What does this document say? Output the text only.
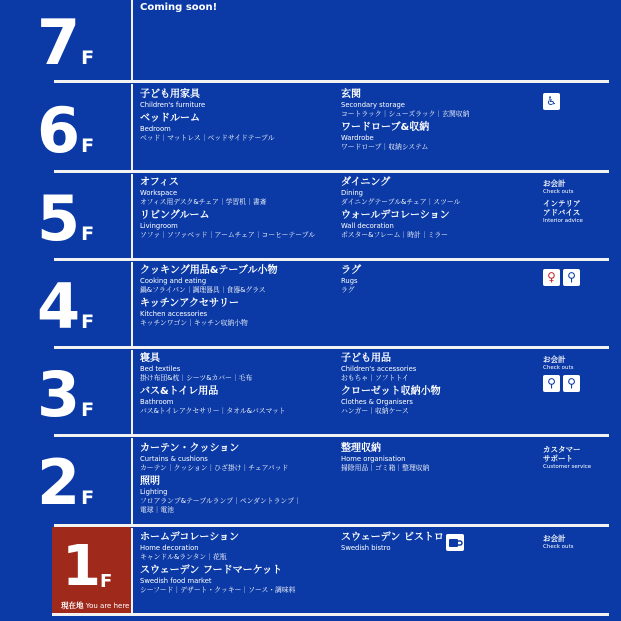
7 F
Coming soon!
6 F
子ども用家具
Children's furniture
ベッドルーム
Bedroom
ベッド｜マットレス｜ベッドサイドテーブル
玄関
Secondary storage
コートラック｜シューズラック｜玄関収納
ワードローブ&収納
Wardrobe
ワードローブ｜収納システム
♿
5 F
オフィス
Workspace
オフィス用デスク&チェア｜学習机｜書斎
リビングルーム
Livingroom
ソファ｜ソファベッド｜アームチェア｜コーヒーテーブル
ダイニング
Dining
ダイニングテーブル&チェア｜スツール
ウォールデコレーション
Wall decoration
ポスター&フレーム｜時計｜ミラー
お会計
Check outs
インテリア
アドバイス
Interior advice
4 F
クッキング用品&テーブル小物
Cooking and eating
鍋&フライパン｜調理器具｜食器&グラス
キッチンアクセサリー
Kitchen accessories
キッチンワゴン｜キッチン収納小物
ラグ
Rugs
ラグ
♀ ⚲
3 F
寝具
Bed textiles
掛け布団&枕｜シーツ&カバー｜毛布
バス&トイレ用品
Bathroom
バス&トイレアクセサリー｜タオル&バスマット
子ども用品
Children's accessories
おもちゃ｜ソフトトイ
クローゼット収納小物
Clothes & Organisers
ハンガー｜収納ケース
お会計
Check outs
⚲ ⚲
2 F
カーテン・クッション
Curtains & cushions
カーテン｜クッション｜ひざ掛け｜チェアパッド
照明
Lighting
フロアランプ&テーブルランプ｜ペンダントランプ｜
電球｜電池
整理収納
Home organisation
掃除用品｜ゴミ箱｜整理収納
カスタマー
サポート
Customer service
1 F
現在地 You are here
ホームデコレーション
Home decoration
キャンドル&ランタン｜花瓶
スウェーデン フードマーケット
Swedish food market
シーフード｜デザート・クッキー｜ソース・調味料
スウェーデン ビストロ
Swedish bistro
お会計
Check outs
